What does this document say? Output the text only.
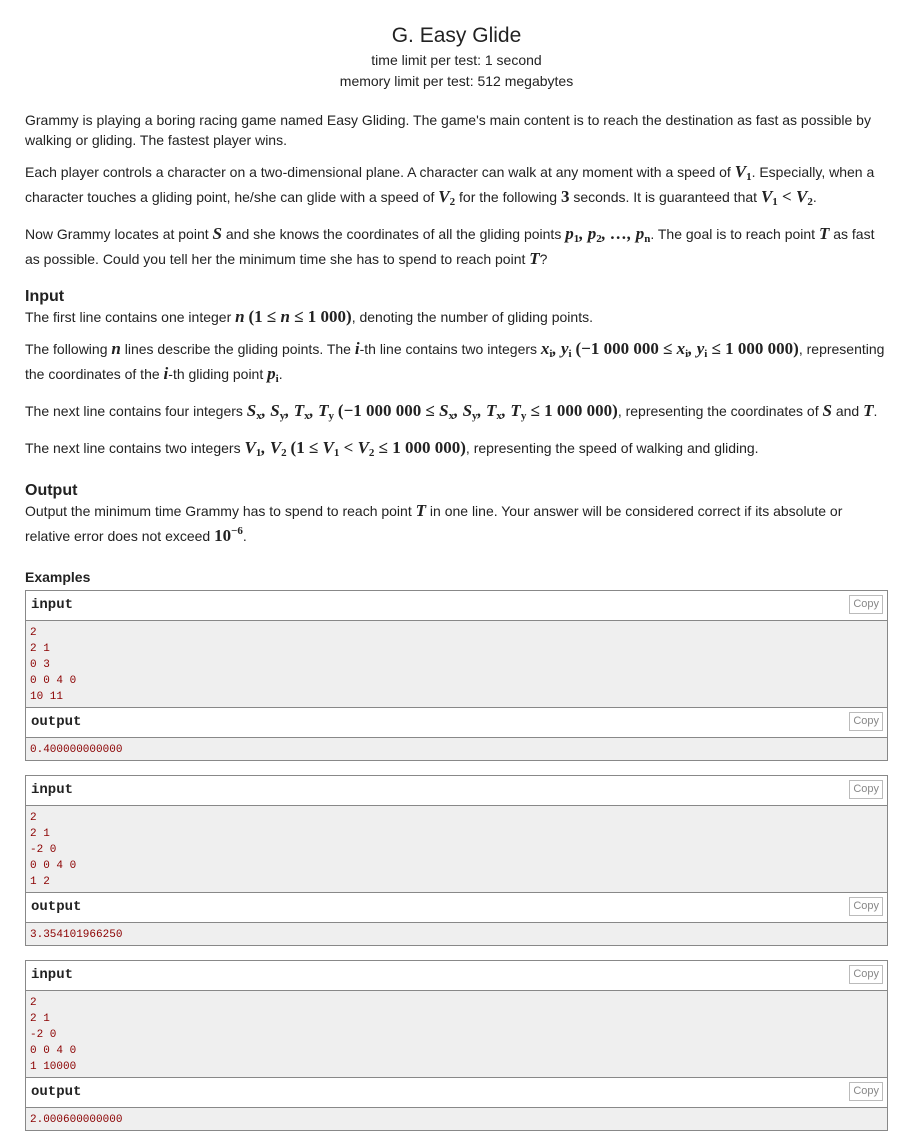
G. Easy Glide
time limit per test: 1 second
memory limit per test: 512 megabytes

Grammy is playing a boring racing game named Easy Gliding. The game's main content is to reach the destination as fast as possible by walking or gliding. The fastest player wins.

Each player controls a character on a two-dimensional plane. A character can walk at any moment with a speed of $V_1$. Especially, when a character touches a gliding point, he/she can glide with a speed of $V_2$ for the following 3 seconds. It is guaranteed that $V_1 < V_2$.

Now Grammy locates at point S and she knows the coordinates of all the gliding points $p_1$, $p_2$, …, $p_n$. The goal is to reach point T as fast as possible. Could you tell her the minimum time she has to spend to reach point T?

Input

The first line contains one integer n (1 ≤ n ≤ 1 000), denoting the number of gliding points.

The following n lines describe the gliding points. The i-th line contains two integers $x_i$, $y_i$ (−1 000 $000 \le x_i$, $y_i \le 1$ 000 000), representing the coordinates of the i-th gliding point $p_i$.

The next line contains four integers $S_x$, $S_y$, $T_x$, $T_y$ (−1 000 $000 \le S_x$, $S_y$, $T_x$, $T_y \le 1$ 000 000), representing the coordinates of S and T.

The next line contains two integers $V_1$, $V_2$ ($1 \le V_1 < V_2 \le 1$ 000 000), representing the speed of walking and gliding.

Output

Output the minimum time Grammy has to spend to reach point T in one line. Your answer will be considered correct if its absolute or relative error does not exceed $10^{-6}$.

Examples
input	Copy
2
2 1
0 3
0 0 4 0
10 11
output	Copy
0.400000000000
input	Copy
2
2 1
-2 0
0 0 4 0
1 2
output	Copy
3.354101966250
input	Copy
2
2 1
-2 0
0 0 4 0
1 10000
output	Copy
2.000600000000
